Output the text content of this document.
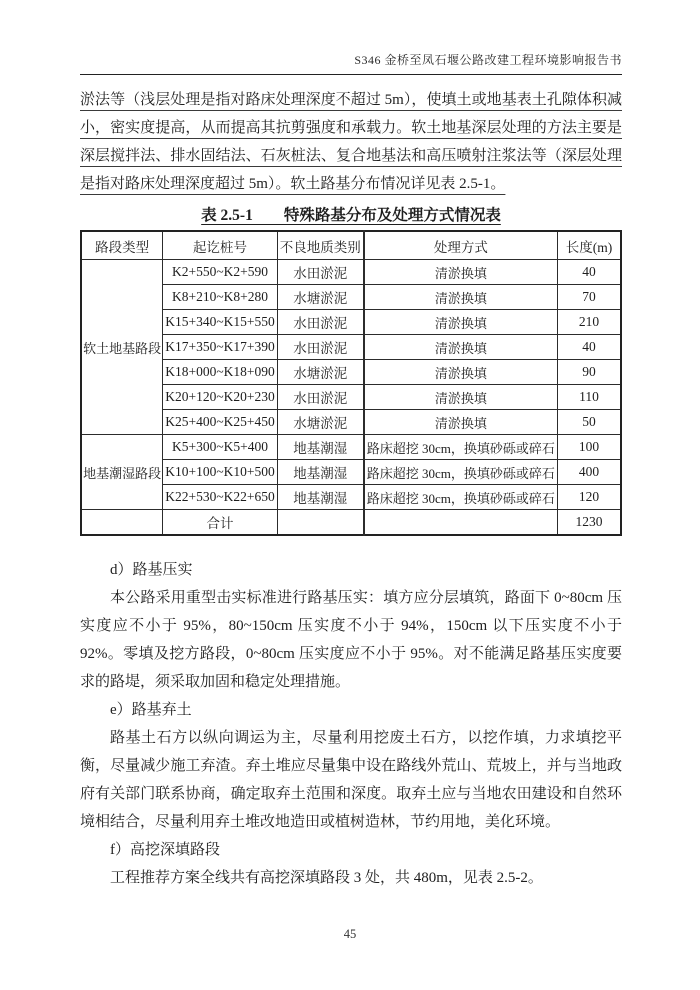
S346 金桥至凤石堰公路改建工程环境影响报告书

淤法等（浅层处理是指对路床处理深度不超过 5m），使填土或地基表土孔隙体积减小，密实度提高，从而提高其抗剪强度和承载力。软土地基深层处理的方法主要是深层搅拌法、排水固结法、石灰桩法、复合地基法和高压喷射注浆法等（深层处理是指对路床处理深度超过 5m）。软土路基分布情况详见表 2.5-1。

表 2.5-1　　特殊路基分布及处理方式情况表

路段类型	起讫桩号	不良地质类别	处理方式	长度(m)
软土地基路段	K2+550~K2+590	水田淤泥	清淤换填	40
	K8+210~K8+280	水塘淤泥	清淤换填	70
	K15+340~K15+550	水田淤泥	清淤换填	210
	K17+350~K17+390	水田淤泥	清淤换填	40
	K18+000~K18+090	水塘淤泥	清淤换填	90
	K20+120~K20+230	水田淤泥	清淤换填	110
	K25+400~K25+450	水塘淤泥	清淤换填	50
地基潮湿路段	K5+300~K5+400	地基潮湿	路床超挖 30cm，换填砂砾或碎石	100
	K10+100~K10+500	地基潮湿	路床超挖 30cm，换填砂砾或碎石	400
	K22+530~K22+650	地基潮湿	路床超挖 30cm，换填砂砾或碎石	120
	合计			1230

d）路基压实

本公路采用重型击实标准进行路基压实：填方应分层填筑，路面下 0~80cm 压实度应不小于 95%，80~150cm 压实度不小于 94%，150cm 以下压实度不小于 92%。零填及挖方路段，0~80cm 压实度应不小于 95%。对不能满足路基压实度要求的路堤，须采取加固和稳定处理措施。

e）路基弃土

路基土石方以纵向调运为主，尽量利用挖废土石方，以挖作填，力求填挖平衡，尽量减少施工弃渣。弃土堆应尽量集中设在路线外荒山、荒坡上，并与当地政府有关部门联系协商，确定取弃土范围和深度。取弃土应与当地农田建设和自然环境相结合，尽量利用弃土堆改地造田或植树造林，节约用地，美化环境。

f）高挖深填路段

工程推荐方案全线共有高挖深填路段 3 处，共 480m，见表 2.5-2。

45
